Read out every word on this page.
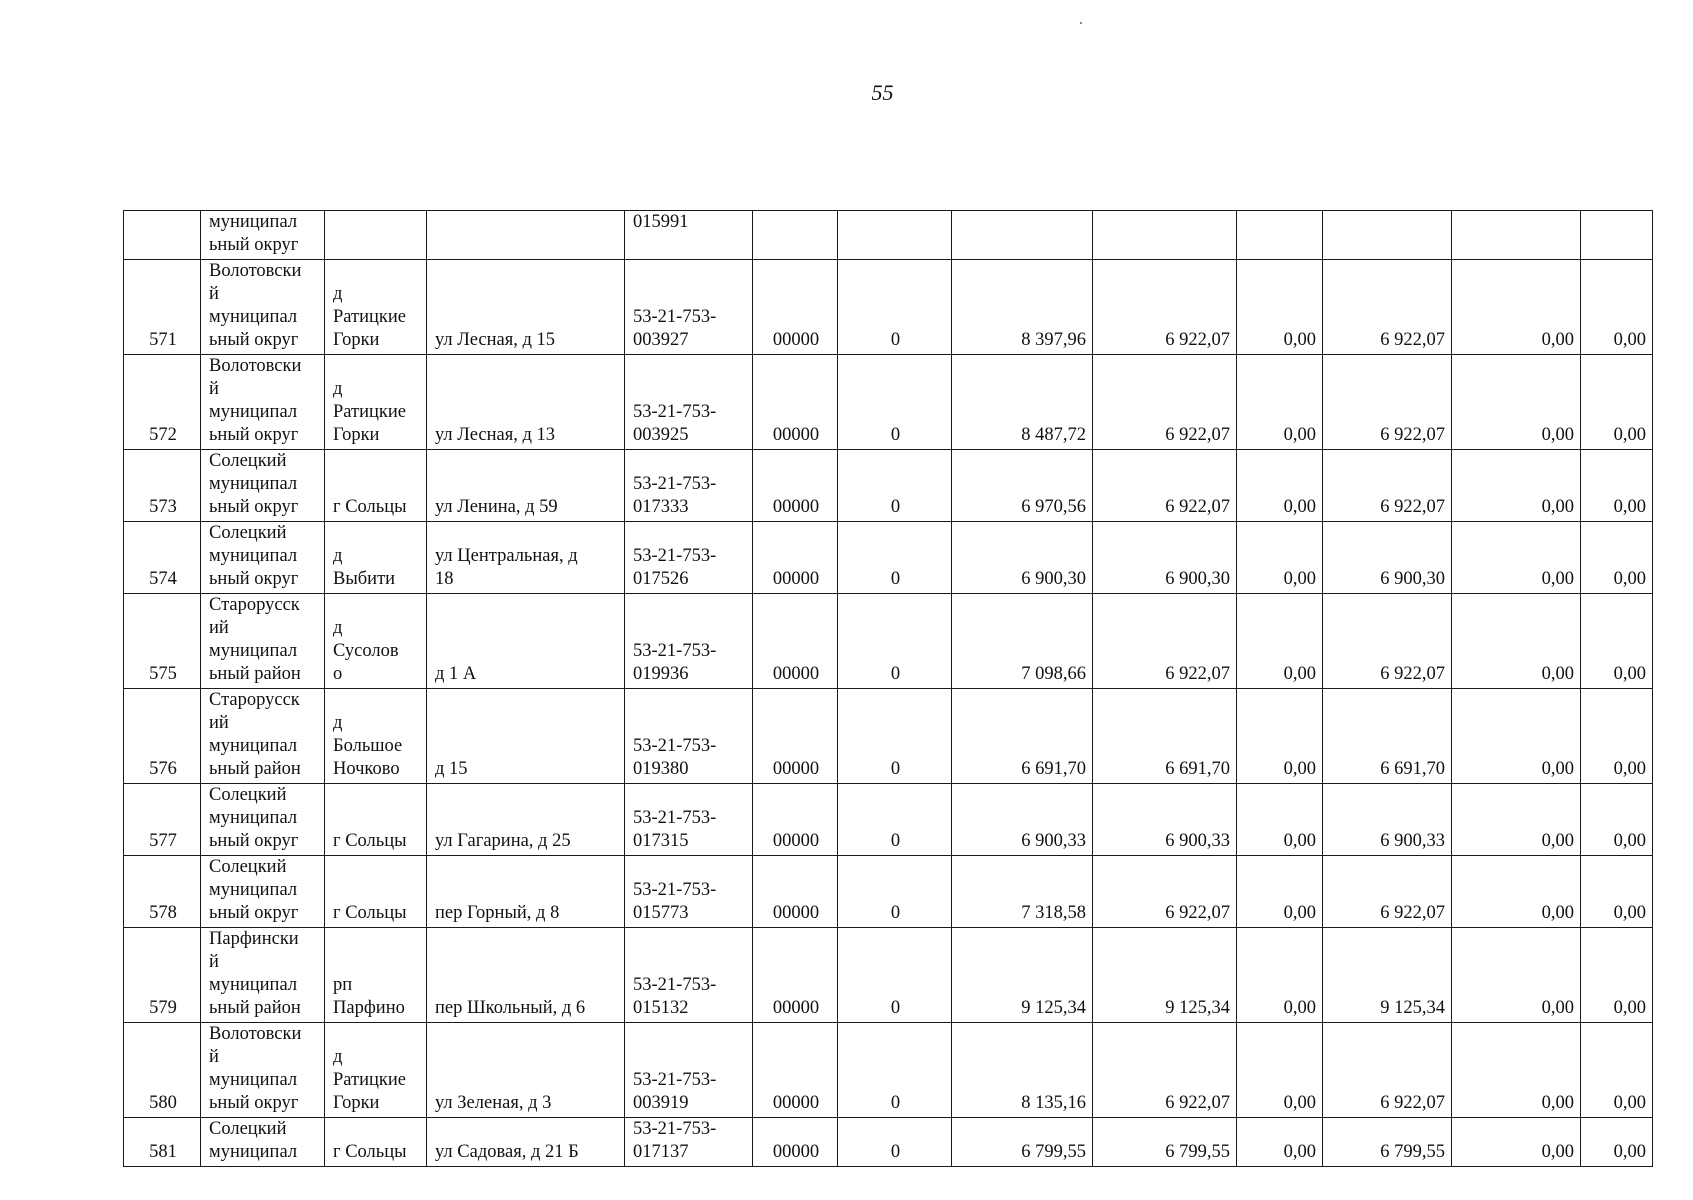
55
	муниципал
ьный округ			015991								
571	Волотовски
й
муниципал
ьный округ	д
Ратицкие
Горки	ул Лесная, д 15	53-21-753-
003927	00000	0	8 397,96	6 922,07	0,00	6 922,07	0,00	0,00
572	Волотовски
й
муниципал
ьный округ	д
Ратицкие
Горки	ул Лесная, д 13	53-21-753-
003925	00000	0	8 487,72	6 922,07	0,00	6 922,07	0,00	0,00
573	Солецкий
муниципал
ьный округ	г Сольцы	ул Ленина, д 59	53-21-753-
017333	00000	0	6 970,56	6 922,07	0,00	6 922,07	0,00	0,00
574	Солецкий
муниципал
ьный округ	д
Выбити	ул Центральная, д
18	53-21-753-
017526	00000	0	6 900,30	6 900,30	0,00	6 900,30	0,00	0,00
575	Старорусск
ий
муниципал
ьный район	д
Сусолов
о	д 1 А	53-21-753-
019936	00000	0	7 098,66	6 922,07	0,00	6 922,07	0,00	0,00
576	Старорусск
ий
муниципал
ьный район	д
Большое
Ночково	д 15	53-21-753-
019380	00000	0	6 691,70	6 691,70	0,00	6 691,70	0,00	0,00
577	Солецкий
муниципал
ьный округ	г Сольцы	ул Гагарина, д 25	53-21-753-
017315	00000	0	6 900,33	6 900,33	0,00	6 900,33	0,00	0,00
578	Солецкий
муниципал
ьный округ	г Сольцы	пер Горный, д 8	53-21-753-
015773	00000	0	7 318,58	6 922,07	0,00	6 922,07	0,00	0,00
579	Парфински
й
муниципал
ьный район	рп
Парфино	пер Школьный, д 6	53-21-753-
015132	00000	0	9 125,34	9 125,34	0,00	9 125,34	0,00	0,00
580	Волотовски
й
муниципал
ьный округ	д
Ратицкие
Горки	ул Зеленая, д 3	53-21-753-
003919	00000	0	8 135,16	6 922,07	0,00	6 922,07	0,00	0,00
581	Солецкий
муниципал	г Сольцы	ул Садовая, д 21 Б	53-21-753-
017137	00000	0	6 799,55	6 799,55	0,00	6 799,55	0,00	0,00
